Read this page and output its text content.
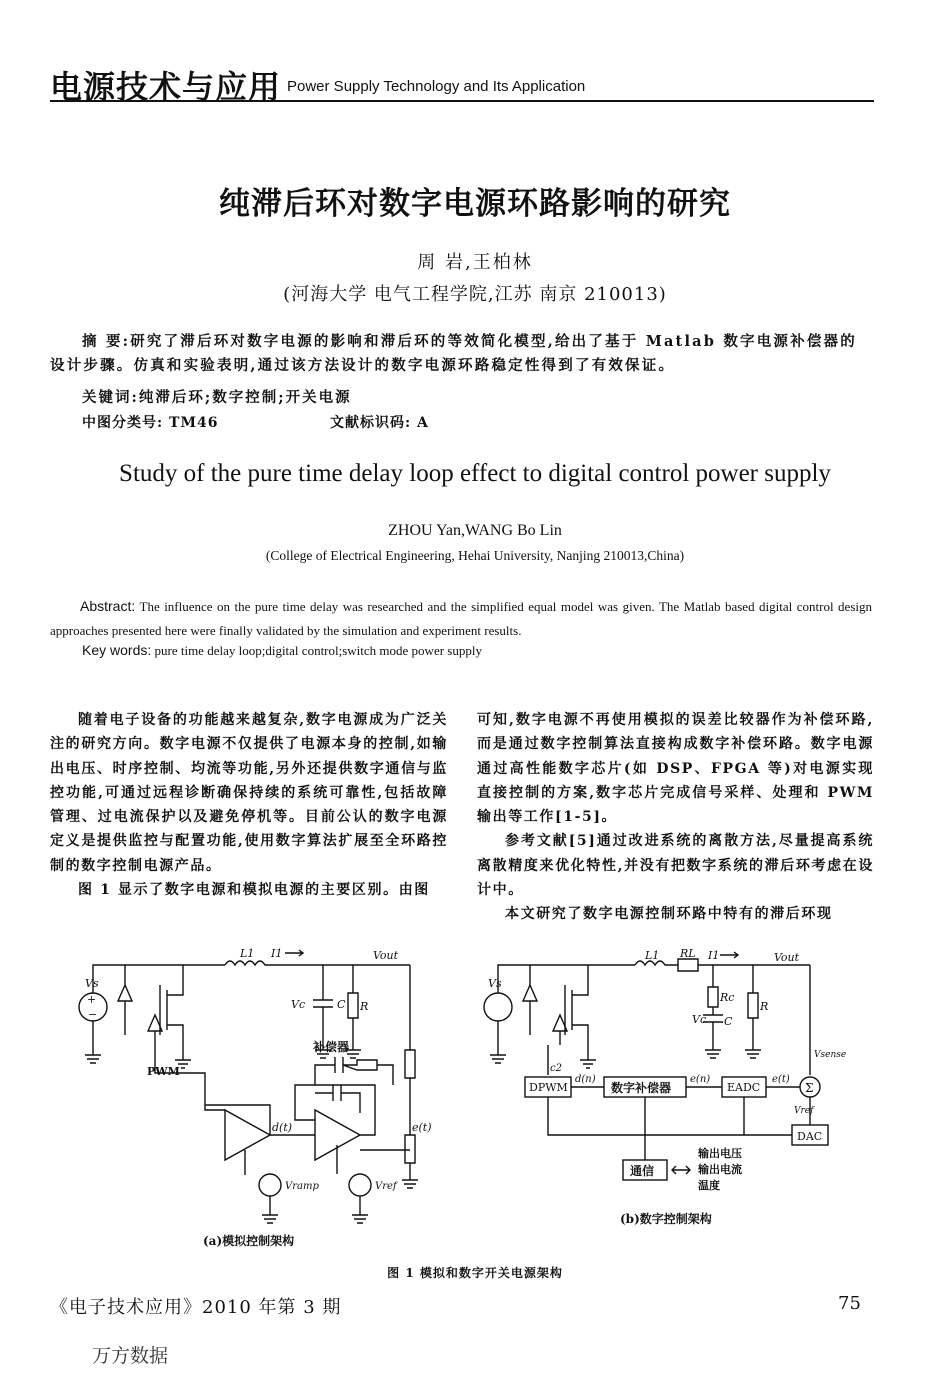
电源技术与应用 Power Supply Technology and Its Application
纯滞后环对数字电源环路影响的研究
周 岩,王柏林
(河海大学 电气工程学院,江苏 南京 210013)
摘 要:研究了滞后环对数字电源的影响和滞后环的等效简化模型,给出了基于 Matlab 数字电源补偿器的设计步骤。仿真和实验表明,通过该方法设计的数字电源环路稳定性得到了有效保证。
关键词:纯滞后环;数字控制;开关电源
中图分类号: TM46	文献标识码: A
Study of the pure time delay loop effect to digital control power supply
ZHOU Yan,WANG Bo Lin
(College of Electrical Engineering, Hehai University, Nanjing 210013,China)
Abstract: The influence on the pure time delay was researched and the simplified equal model was given. The Matlab based digital control design approaches presented here were finally validated by the simulation and experiment results.
Key words: pure time delay loop;digital control;switch mode power supply

随着电子设备的功能越来越复杂,数字电源成为广泛关注的研究方向。数字电源不仅提供了电源本身的控制,如输出电压、时序控制、均流等功能,另外还提供数字通信与监控功能,可通过远程诊断确保持续的系统可靠性,包括故障管理、过电流保护以及避免停机等。目前公认的数字电源定义是提供监控与配置功能,使用数字算法扩展至全环路控制的数字控制电源产品。

图 1 显示了数字电源和模拟电源的主要区别。由图

可知,数字电源不再使用模拟的误差比较器作为补偿环路,而是通过数字控制算法直接构成数字补偿环路。数字电源通过高性能数字芯片(如 DSP、FPGA 等)对电源实现直接控制的方案,数字芯片完成信号采样、处理和 PWM 输出等工作[1-5]。

参考文献[5]通过改进系统的离散方法,尽量提高系统离散精度来优化特性,并没有把数字系统的滞后环考虑在设计中。

本文研究了数字电源控制环路中特有的滞后环现

Vs
+
−
L1 I1	Vout
Vc	C R
e(t)
PWM
d(t)
Vramp
补偿器
Vref
(a)模拟控制架构
Vs
L1 RL I1	Vout
Rc
Vc C
R
Vsense
c2
DPWM
d(n)
数字补偿器
e(n)
EADC
e(t)
Σ
Vref
DAC
通信
输出电压
输出电流
温度
(b)数字控制架构
图 1 模拟和数字开关电源架构
《电子技术应用》2010 年第 3 期	75
万方数据
